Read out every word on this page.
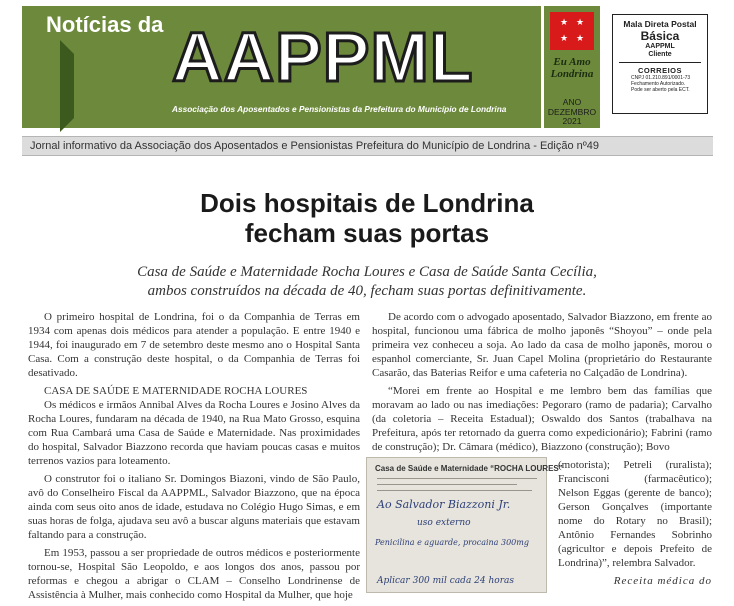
Notícias da AAPPML
Associação dos Aposentados e Pensionistas da Prefeitura do Município de Londrina
★ ★
★ ★
Eu Amo
Londrina
ANO
DEZEMBRO
2021
Mala Direta Postal
Básica
AAPPML
Cliente
CORREIOS
CNPJ 01.210.891/0001-73
Fechamento Autorizado.
Pode ser aberto pela ECT.
Jornal informativo da Associação dos Aposentados e Pensionistas Prefeitura do Município de Londrina - Edição nº49
Dois hospitais de Londrina
fecham suas portas
Casa de Saúde e Maternidade Rocha Loures e Casa de Saúde Santa Cecília,
ambos construídos na década de 40, fecham suas portas definitivamente.

O primeiro hospital de Londrina, foi o da Companhia de Terras em 1934 com apenas dois médicos para atender a população. E entre 1940 e 1944, foi inaugurado em 7 de setembro deste mesmo ano o Hospital Santa Casa. Com a construção deste hospital, o da Companhia de Terras foi desativado.

CASA DE SAÚDE E MATERNIDADE ROCHA LOURES

Os médicos e irmãos Annibal Alves da Rocha Loures e Josino Alves da Rocha Loures, fundaram na década de 1940, na Rua Mato Grosso, esquina com Rua Cambará uma Casa de Saúde e Maternidade. Nas proximidades do hospital, Salvador Biazzono recorda que haviam poucas casas e muitos terrenos vazios para loteamento.

O construtor foi o italiano Sr. Domingos Biazoni, vindo de São Paulo, avô do Conselheiro Fiscal da AAPPML, Salvador Biazzono, que na época ainda com seus oito anos de idade, estudava no Colégio Hugo Simas, e em suas horas de folga, ajudava seu avô a buscar alguns materiais que estavam faltando para a construção.

Em 1953, passou a ser propriedade de outros médicos e posteriormente tornou-se, Hospital São Leopoldo, e aos longos dos anos, passou por reformas e chegou a abrigar o CLAM – Conselho Londrinense de Assistência à Mulher, mais conhecido como Hospital da Mulher, que hoje

De acordo com o advogado aposentado, Salvador Biazzono, em frente ao hospital, funcionou uma fábrica de molho japonês “Shoyou” – onde pela primeira vez conheceu a soja. Ao lado da casa de molho japonês, morou o espanhol comerciante, Sr. Juan Capel Molina (proprietário do Restaurante Casarão, das Baterias Reifor e uma cafeteria no Calçadão de Londrina).

“Morei em frente ao Hospital e me lembro bem das famílias que moravam ao lado ou nas imediações: Pegoraro (ramo de padaria); Carvalho (da coletoria – Receita Estadual); Oswaldo dos Santos (trabalhava na Prefeitura, após ter retornado da guerra como expedicionário); Fabrini (ramo de construção); Dr. Câmara (médico), Biazzono (construção); Bovo

(motorista); Petreli (ruralista); Francisconi (farmacêutico); Nelson Eggas (gerente de banco); Gerson Gonçalves (importante nome do Rotary no Brasil); Antônio Fernandes Sobrinho (agricultor e depois Prefeito de Londrina)”, relembra Salvador.

Receita médica do

Casa de Saúde e Maternidade “ROCHA LOURES”
Ao Salvador Biazzoni Jr.
uso externo
Penicilina e aguarde, procaina 300mg
Aplicar 300 mil cada 24 horas
